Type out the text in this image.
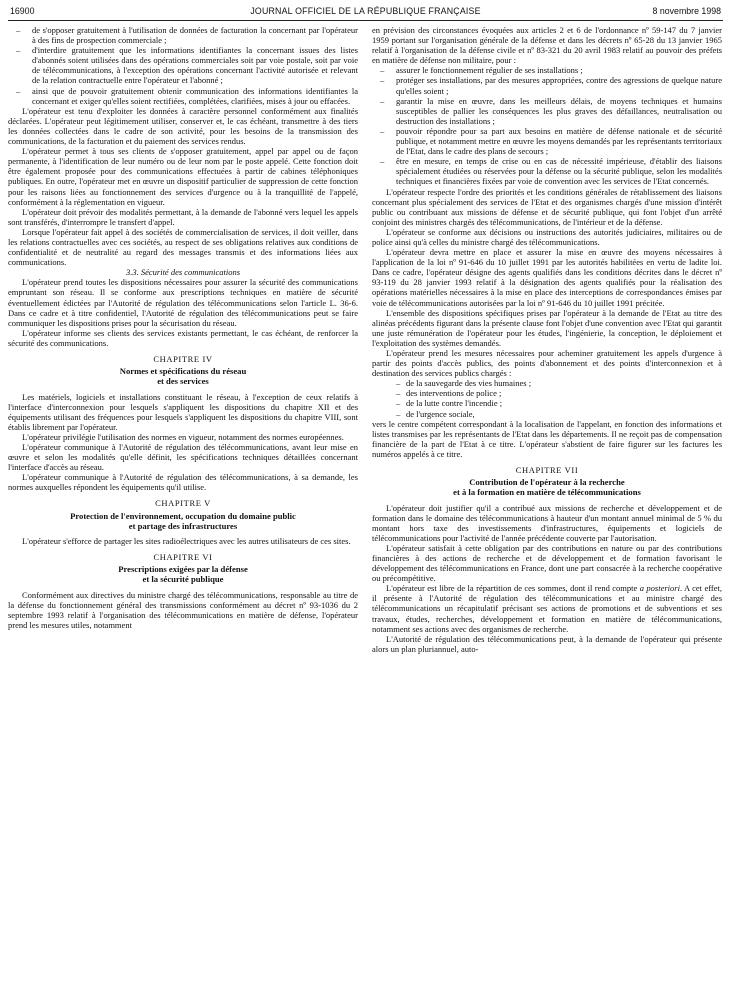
16900	JOURNAL OFFICIEL DE LA RÉPUBLIQUE FRANÇAISE	8 novembre 1998
– de s'opposer gratuitement à l'utilisation de données de facturation la concernant par l'opérateur à des fins de prospection commerciale ;
– d'interdire gratuitement que les informations identifiantes la concernant issues des listes d'abonnés soient utilisées dans des opérations commerciales soit par voie postale, soit par voie de télécommunications, à l'exception des opérations concernant l'activité autorisée et relevant de la relation contractuelle entre l'opérateur et l'abonné ;
– ainsi que de pouvoir gratuitement obtenir communication des informations identifiantes la concernant et exiger qu'elles soient rectifiées, complétées, clarifiées, mises à jour ou effacées.

L'opérateur est tenu d'exploiter les données à caractère personnel conformément aux finalités déclarées. L'opérateur peut légitimement utiliser, conserver et, le cas échéant, transmettre à des tiers les données collectées dans le cadre de son activité, pour les besoins de la transmission des communications, de la facturation et du paiement des services rendus.

L'opérateur permet à tous ses clients de s'opposer gratuitement, appel par appel ou de façon permanente, à l'identification de leur numéro ou de leur nom par le poste appelé. Cette fonction doit être également proposée pour des communications effectuées à partir de cabines téléphoniques publiques. En outre, l'opérateur met en œuvre un dispositif particulier de suppression de cette fonction pour les raisons liées au fonctionnement des services d'urgence ou à la tranquillité de l'appelé, conformément à la réglementation en vigueur.

L'opérateur doit prévoir des modalités permettant, à la demande de l'abonné vers lequel les appels sont transférés, d'interrompre le transfert d'appel.

Lorsque l'opérateur fait appel à des sociétés de commercialisation de services, il doit veiller, dans les relations contractuelles avec ces sociétés, au respect de ses obligations relatives aux conditions de confidentialité et de neutralité au regard des messages transmis et des informations liées aux communications.

3.3. Sécurité des communications

L'opérateur prend toutes les dispositions nécessaires pour assurer la sécurité des communications empruntant son réseau. Il se conforme aux prescriptions techniques en matière de sécurité éventuellement édictées par l'Autorité de régulation des télécommunications selon l'article L. 36-6. Dans ce cadre et à titre confidentiel, l'Autorité de régulation des télécommunications peut se faire communiquer les dispositions prises pour la sécurisation du réseau.

L'opérateur informe ses clients des services existants permettant, le cas échéant, de renforcer la sécurité des communications.

CHAPITRE IV
Normes et spécifications du réseau
et des services

Les matériels, logiciels et installations constituant le réseau, à l'exception de ceux relatifs à l'interface d'interconnexion pour lesquels s'appliquent les dispositions du chapitre XII et des équipements utilisant des fréquences pour lesquels s'appliquent les dispositions du chapitre VIII, sont établis librement par l'opérateur.

L'opérateur privilégie l'utilisation des normes en vigueur, notamment des normes européennes.

L'opérateur communique à l'Autorité de régulation des télécommunications, avant leur mise en œuvre et selon les modalités qu'elle définit, les spécifications techniques détaillées concernant l'interface d'accès au réseau.

L'opérateur communique à l'Autorité de régulation des télécommunications, à sa demande, les normes auxquelles répondent les équipements qu'il utilise.

CHAPITRE V
Protection de l'environnement, occupation du domaine public
et partage des infrastructures

L'opérateur s'efforce de partager les sites radioélectriques avec les autres utilisateurs de ces sites.

CHAPITRE VI
Prescriptions exigées par la défense
et la sécurité publique

Conformément aux directives du ministre chargé des télécommunications, responsable au titre de la défense du fonctionnement général des transmissions conformément au décret nº 93-1036 du 2 septembre 1993 relatif à l'organisation des télécommunications en matière de défense, l'opérateur prend les mesures utiles, notamment

en prévision des circonstances évoquées aux articles 2 et 6 de l'ordonnance nº 59-147 du 7 janvier 1959 portant sur l'organisation générale de la défense et dans les décrets nº 65-28 du 13 janvier 1965 relatif à l'organisation de la défense civile et nº 83-321 du 20 avril 1983 relatif au pouvoir des préfets en matière de défense non militaire, pour :

– assurer le fonctionnement régulier de ses installations ;
– protéger ses installations, par des mesures appropriées, contre des agressions de quelque nature qu'elles soient ;
– garantir la mise en œuvre, dans les meilleurs délais, de moyens techniques et humains susceptibles de pallier les conséquences les plus graves des défaillances, neutralisation ou destruction des installations ;
– pouvoir répondre pour sa part aux besoins en matière de défense nationale et de sécurité publique, et notamment mettre en œuvre les moyens demandés par les représentants territoriaux de l'Etat, dans le cadre des plans de secours ;
– être en mesure, en temps de crise ou en cas de nécessité impérieuse, d'établir des liaisons spécialement étudiées ou réservées pour la défense ou la sécurité publique, selon les modalités techniques et financières fixées par voie de convention avec les services de l'Etat concernés.

L'opérateur respecte l'ordre des priorités et les conditions générales de rétablissement des liaisons concernant plus spécialement des services de l'Etat et des organismes chargés d'une mission d'intérêt public ou contribuant aux missions de défense et de sécurité publique, qui font l'objet d'un arrêté conjoint des ministres chargés des télécommunications, de l'intérieur et de la défense.

L'opérateur se conforme aux décisions ou instructions des autorités judiciaires, militaires ou de police ainsi qu'à celles du ministre chargé des télécommunications.

L'opérateur devra mettre en place et assurer la mise en œuvre des moyens nécessaires à l'application de la loi nº 91-646 du 10 juillet 1991 par les autorités habilitées en vertu de ladite loi. Dans ce cadre, l'opérateur désigne des agents qualifiés dans les conditions décrites dans le décret nº 93-119 du 28 janvier 1993 relatif à la désignation des agents qualifiés pour la réalisation des opérations matérielles nécessaires à la mise en place des interceptions de correspondances émises par voie de télécommunications autorisées par la loi nº 91-646 du 10 juillet 1991 précitée.

L'ensemble des dispositions spécifiques prises par l'opérateur à la demande de l'Etat au titre des alinéas précédents figurant dans la présente clause font l'objet d'une convention avec l'Etat qui garantit une juste rémunération de l'opérateur pour les études, l'ingénierie, la conception, le déploiement et l'exploitation des systèmes demandés.

L'opérateur prend les mesures nécessaires pour acheminer gratuitement les appels d'urgence à partir des points d'accès publics, des points d'abonnement et des points d'interconnexion et à destination des services publics chargés :

– de la sauvegarde des vies humaines ;
– des interventions de police ;
– de la lutte contre l'incendie ;
– de l'urgence sociale,

vers le centre compétent correspondant à la localisation de l'appelant, en fonction des informations et listes transmises par les représentants de l'Etat dans les départements. Il ne reçoit pas de compensation financière de la part de l'Etat à ce titre. L'opérateur s'abstient de faire figurer sur les factures les numéros appelés à ce titre.

CHAPITRE VII
Contribution de l'opérateur à la recherche
et à la formation en matière de télécommunications

L'opérateur doit justifier qu'il a contribué aux missions de recherche et développement et de formation dans le domaine des télécommunications à hauteur d'un montant annuel minimal de 5 % du montant hors taxe des investissements d'infrastructures, équipements et logiciels de télécommunications pour l'activité de l'année précédente couverte par l'autorisation.

L'opérateur satisfait à cette obligation par des contributions en nature ou par des contributions financières à des actions de recherche et de développement et de formation favorisant le développement des télécommunications en France, dont une part consacrée à la recherche coopérative ou précompétitive.

L'opérateur est libre de la répartition de ces sommes, dont il rend compte a posteriori. A cet effet, il présente à l'Autorité de régulation des télécommunications et au ministre chargé des télécommunications un récapitulatif précisant ses actions de promotions et de subventions et ses travaux, études, recherches, développement et formation en matière de télécommunications, notamment ses actions avec des organismes de recherche.

L'Autorité de régulation des télécommunications peut, à la demande de l'opérateur qui présente alors un plan pluriannuel, auto-
